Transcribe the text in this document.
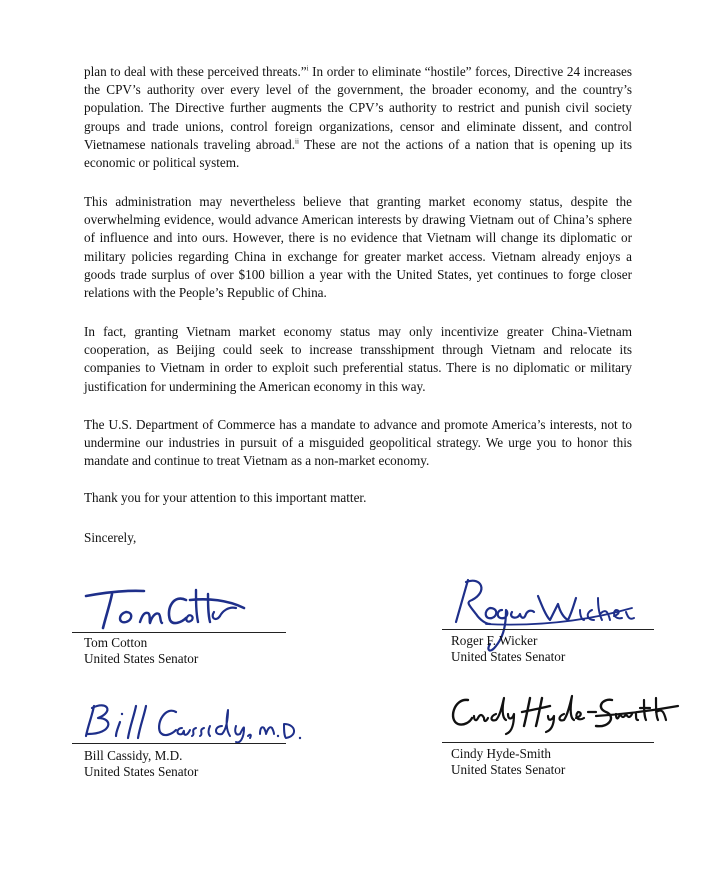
plan to deal with these perceived threats.”$^i$ In order to eliminate “hostile” forces, Directive 24 increases the CPV’s authority over every level of the government, the broader economy, and the country’s population. The Directive further augments the CPV’s authority to restrict and punish civil society groups and trade unions, control foreign organizations, censor and eliminate dissent, and control Vietnamese nationals traveling abroad.$^{ii}$ These are not the actions of a nation that is opening up its economic or political system.

This administration may nevertheless believe that granting market economy status, despite the overwhelming evidence, would advance American interests by drawing Vietnam out of China’s sphere of influence and into ours. However, there is no evidence that Vietnam will change its diplomatic or military policies regarding China in exchange for greater market access. Vietnam already enjoys a goods trade surplus of over $100 billion a year with the United States, yet continues to forge closer relations with the People’s Republic of China.

In fact, granting Vietnam market economy status may only incentivize greater China-Vietnam cooperation, as Beijing could seek to increase transshipment through Vietnam and relocate its companies to Vietnam in order to exploit such preferential status. There is no diplomatic or military justification for undermining the American economy in this way.

The U.S. Department of Commerce has a mandate to advance and promote America’s interests, not to undermine our industries in pursuit of a misguided geopolitical strategy. We urge you to honor this mandate and continue to treat Vietnam as a non-market economy.

Thank you for your attention to this important matter.

Sincerely,

Tom Cotton
United States Senator
Roger F. Wicker
United States Senator
Bill Cassidy, M.D.
United States Senator
Cindy Hyde-Smith
United States Senator
